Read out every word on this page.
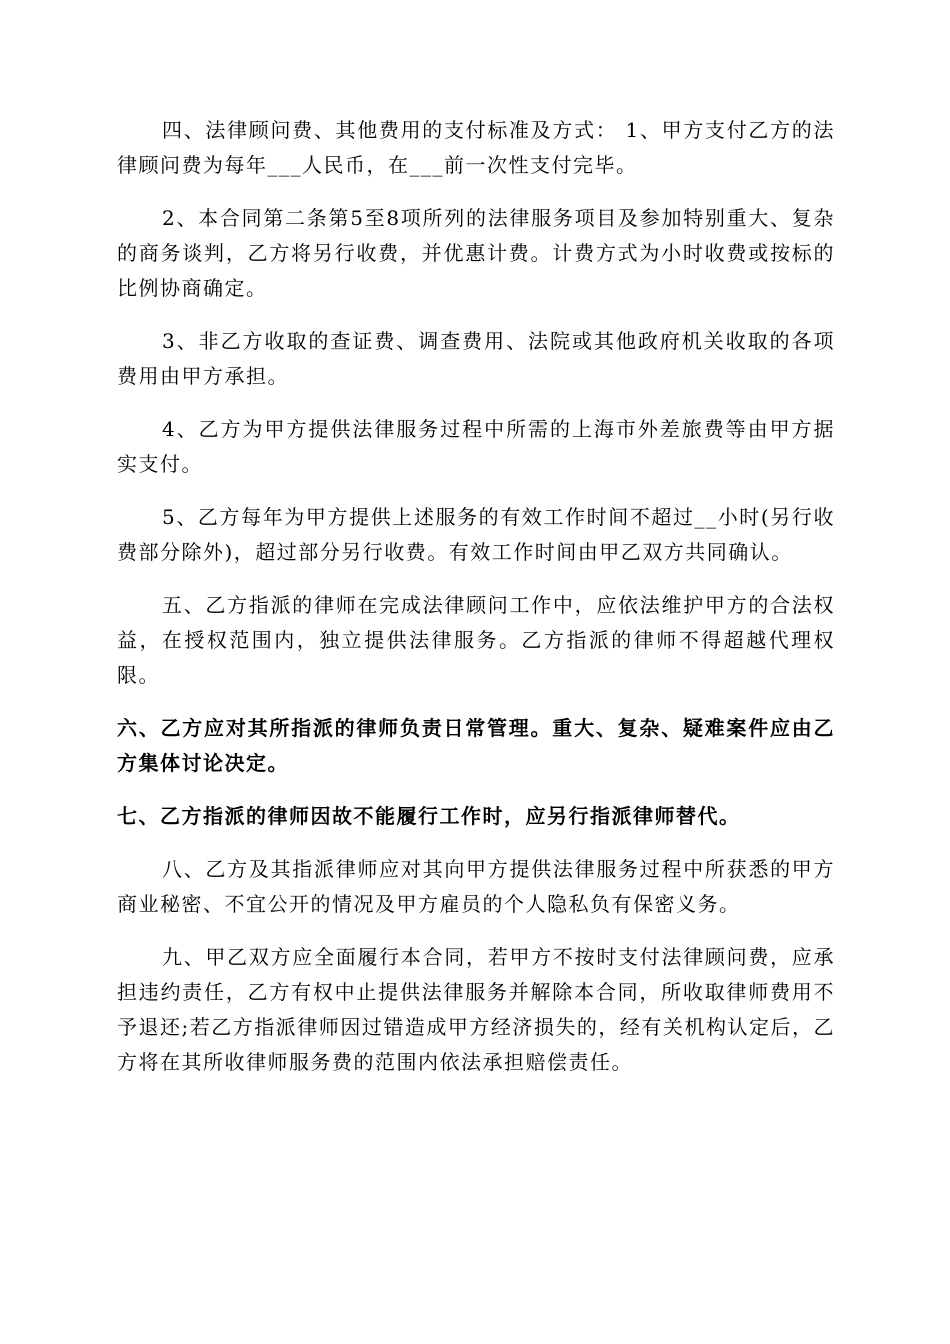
四、法律顾问费、其他费用的支付标准及方式： 1、甲方支付乙方的法律顾问费为每年___人民币，在___前一次性支付完毕。

2、本合同第二条第5至8项所列的法律服务项目及参加特别重大、复杂的商务谈判，乙方将另行收费，并优惠计费。计费方式为小时收费或按标的比例协商确定。

3、非乙方收取的查证费、调查费用、法院或其他政府机关收取的各项费用由甲方承担。

4、乙方为甲方提供法律服务过程中所需的上海市外差旅费等由甲方据实支付。

5、乙方每年为甲方提供上述服务的有效工作时间不超过__小时(另行收费部分除外)，超过部分另行收费。有效工作时间由甲乙双方共同确认。

五、乙方指派的律师在完成法律顾问工作中，应依法维护甲方的合法权益，在授权范围内，独立提供法律服务。乙方指派的律师不得超越代理权限。

六、乙方应对其所指派的律师负责日常管理。重大、复杂、疑难案件应由乙方集体讨论决定。

七、乙方指派的律师因故不能履行工作时，应另行指派律师替代。

八、乙方及其指派律师应对其向甲方提供法律服务过程中所获悉的甲方商业秘密、不宜公开的情况及甲方雇员的个人隐私负有保密义务。

九、甲乙双方应全面履行本合同，若甲方不按时支付法律顾问费，应承担违约责任，乙方有权中止提供法律服务并解除本合同，所收取律师费用不予退还;若乙方指派律师因过错造成甲方经济损失的，经有关机构认定后，乙方将在其所收律师服务费的范围内依法承担赔偿责任。
